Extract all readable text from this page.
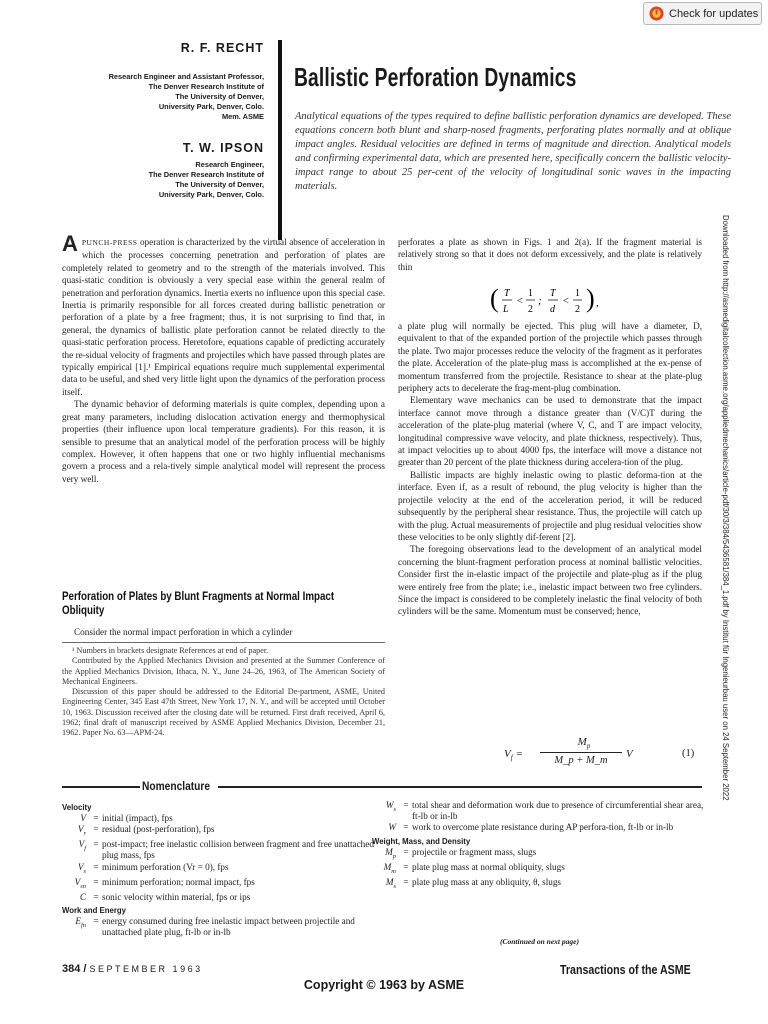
Check for updates
R. F. RECHT
Research Engineer and Assistant Professor,
The Denver Research Institute of
The University of Denver,
University Park, Denver, Colo.
Mem. ASME
T. W. IPSON
Research Engineer,
The Denver Research Institute of
The University of Denver,
University Park, Denver, Colo.
Ballistic Perforation Dynamics
Analytical equations of the types required to define ballistic perforation dynamics are developed. These equations concern both blunt and sharp-nosed fragments, perforating plates normally and at oblique impact angles. Residual velocities are defined in terms of magnitude and direction. Analytical models and confirming experimental data, which are presented here, specifically concern the ballistic velocity-impact range to about 25 per-cent of the velocity of longitudinal sonic waves in the impacting materials.

A PUNCH-PRESS operation is characterized by the virtual absence of acceleration in which the processes concerning penetration and perforation of plates are completely related to geometry and to the strength of the materials involved. This quasi-static condition is obviously a very special ease within the general realm of penetration and perforation dynamics. Inertia exerts no influence upon this special case. Inertia is primarily responsible for all forces created during ballistic penetration or perforation of a plate by a free fragment; thus, it is not surprising to find that, in general, the dynamics of ballistic plate perforation cannot be related directly to the quasi-static perforation process. Heretofore, equations capable of predicting accurately the re-sidual velocity of fragments and projectiles which have passed through plates are typically empirical [1].¹ Empirical equations require much supplemental experimental data to be useful, and shed very little light upon the dynamics of the perforation process itself.

The dynamic behavior of deforming materials is quite complex, depending upon a great many parameters, including dislocation activation energy and thermophysical properties (their influence upon local temperature gradients). For this reason, it is sensible to presume that an analytical model of the perforation process will be highly complex. However, it often happens that one or two highly influential mechanisms govern a process and a rela-tively simple analytical model will represent the process very well.

Perforation of Plates by Blunt Fragments at Normal Impact Obliquity

Consider the normal impact perforation in which a cylinder

¹ Numbers in brackets designate References at end of paper.

Contributed by the Applied Mechanics Division and presented at the Summer Conference of the Applied Mechanics Division, Ithaca, N. Y., June 24–26, 1963, of The American Society of Mechanical Engineers.

Discussion of this paper should be addressed to the Editorial De-partment, ASME, United Engineering Center, 345 East 47th Street, New York 17, N. Y., and will be accepted until October 10, 1963. Discussion received after the closing date will be returned. First draft received, April 6, 1962; final draft of manuscript received by ASME Applied Mechanics Division, December 21, 1962. Paper No. 63—APM-24.

perforates a plate as shown in Figs. 1 and 2(a). If the fragment material is relatively strong so that it does not deform excessively, and the plate is relatively thin

( T
L
<
1
2
;
T
d
<
1
2 ) ,

a plate plug will normally be ejected. This plug will have a diameter, D, equivalent to that of the expanded portion of the projectile which passes through the plate. Two major processes reduce the velocity of the fragment as it perforates the plate. Acceleration of the plate-plug mass is accomplished at the ex-pense of momentum transferred from the projectile. Resistance to shear at the plate-plug periphery acts to decelerate the frag-ment-plug combination.

Elementary wave mechanics can be used to demonstrate that the impact interface cannot move through a distance greater than (V/C)T during the acceleration of the plate-plug material (where V, C, and T are impact velocity, longitudinal compressive wave velocity, and plate thickness, respectively). Thus, at impact velocities up to about 4000 fps, the interface will move a distance not greater than 20 percent of the plate thickness during accelera-tion of the plug.

Ballistic impacts are highly inelastic owing to plastic deforma-tion at the interface. Even if, as a result of rebound, the plug velocity is higher than the projectile velocity at the end of the acceleration period, it will be reduced subsequently by the peripheral shear resistance. Thus, the projectile will catch up with the plug. Actual measurements of projectile and plug residual velocities show these velocities to be only slightly dif-ferent [2].

The foregoing observations lead to the development of an analytical model concerning the blunt-fragment perforation process at nominal ballistic velocities. Consider first the in-elastic impact of the projectile and plate-plug as if the plug were entirely free from the plate; i.e., inelastic impact between two free cylinders. Since the impact is considered to be completely inelastic the final velocity of both cylinders will be the same. Momentum must be conserved; hence,

$V_f$ =
$M_p$
M_p + M_m
V	(1)
Nomenclature
Velocity
V = initial (impact), fps
$V_r$ = residual (post-perforation), fps
$V_f$ = post-impact; free inelastic collision between fragment and free unattached plug mass, fps
$V_s$ = minimum perforation (Vr = 0), fps
$V_{sn}$ = minimum perforation; normal impact, fps
C = sonic velocity within material, fps or ips
Work and Energy
$E_{fn}$ = energy consumed during free inelastic impact between projectile and unattached plate plug, ft-lb or in-lb
$W_s$ = total shear and deformation work due to presence of circumferential shear area, ft-lb or in-lb
W = work to overcome plate resistance during AP perfora-tion, ft-lb or in-lb
Weight, Mass, and Density
$M_p$ = projectile or fragment mass, slugs
$M_m$ = plate plug mass at normal obliquity, slugs
$M_s$ = plate plug mass at any obliquity, θ, slugs
(Continued on next page)
384 / SEPTEMBER 1963	Transactions of the ASME
Copyright © 1963 by ASME
Downloaded from http://asmedigitalcollection.asme.org/appliedmechanics/article-pdf/30/3/384/5436581/384_1.pdf by Institut für Ingenieurbau user on 24 September 2022
